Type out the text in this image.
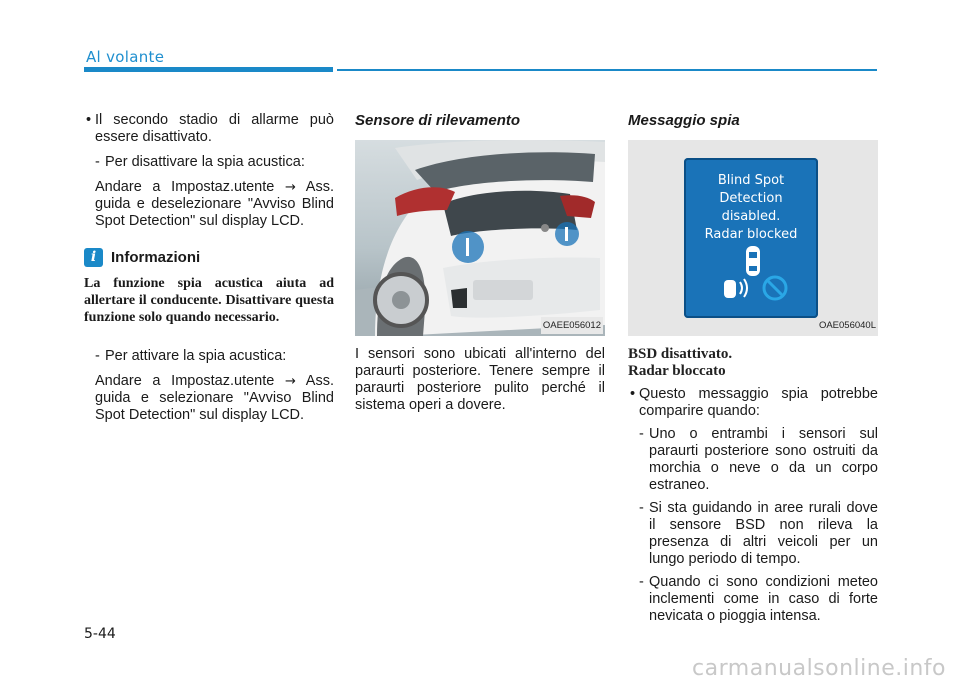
Al volante

• Il secondo stadio di allarme può essere disattivato.

- Per disattivare la spia acustica:

Andare a Impostaz.utente → Ass. guida e deselezionare "Avviso Blind Spot Detection" sul display LCD.

i Informazioni

La funzione spia acustica aiuta ad allertare il conducente. Disattivare questa funzione solo quando necessario.

- Per attivare la spia acustica:

Andare a Impostaz.utente → Ass. guida e selezionare "Avviso Blind Spot Detection" sul display LCD.

Sensore di rilevamento
OAEE056012

I sensori sono ubicati all'interno del paraurti posteriore. Tenere sempre il paraurti posteriore pulito perché il sistema operi a dovere.

Messaggio spia
Blind Spot
Detection
disabled.
Radar blocked
OAE056040L
BSD disattivato.
Radar bloccato

• Questo messaggio spia potrebbe comparire quando:

- Uno o entrambi i sensori sul paraurti posteriore sono ostruiti da morchia o neve o da un corpo estraneo.

- Si sta guidando in aree rurali dove il sensore BSD non rileva la presenza di altri veicoli per un lungo periodo di tempo.

- Quando ci sono condizioni meteo inclementi come in caso di forte nevicata o pioggia intensa.

5-44
carmanualsonline.info
